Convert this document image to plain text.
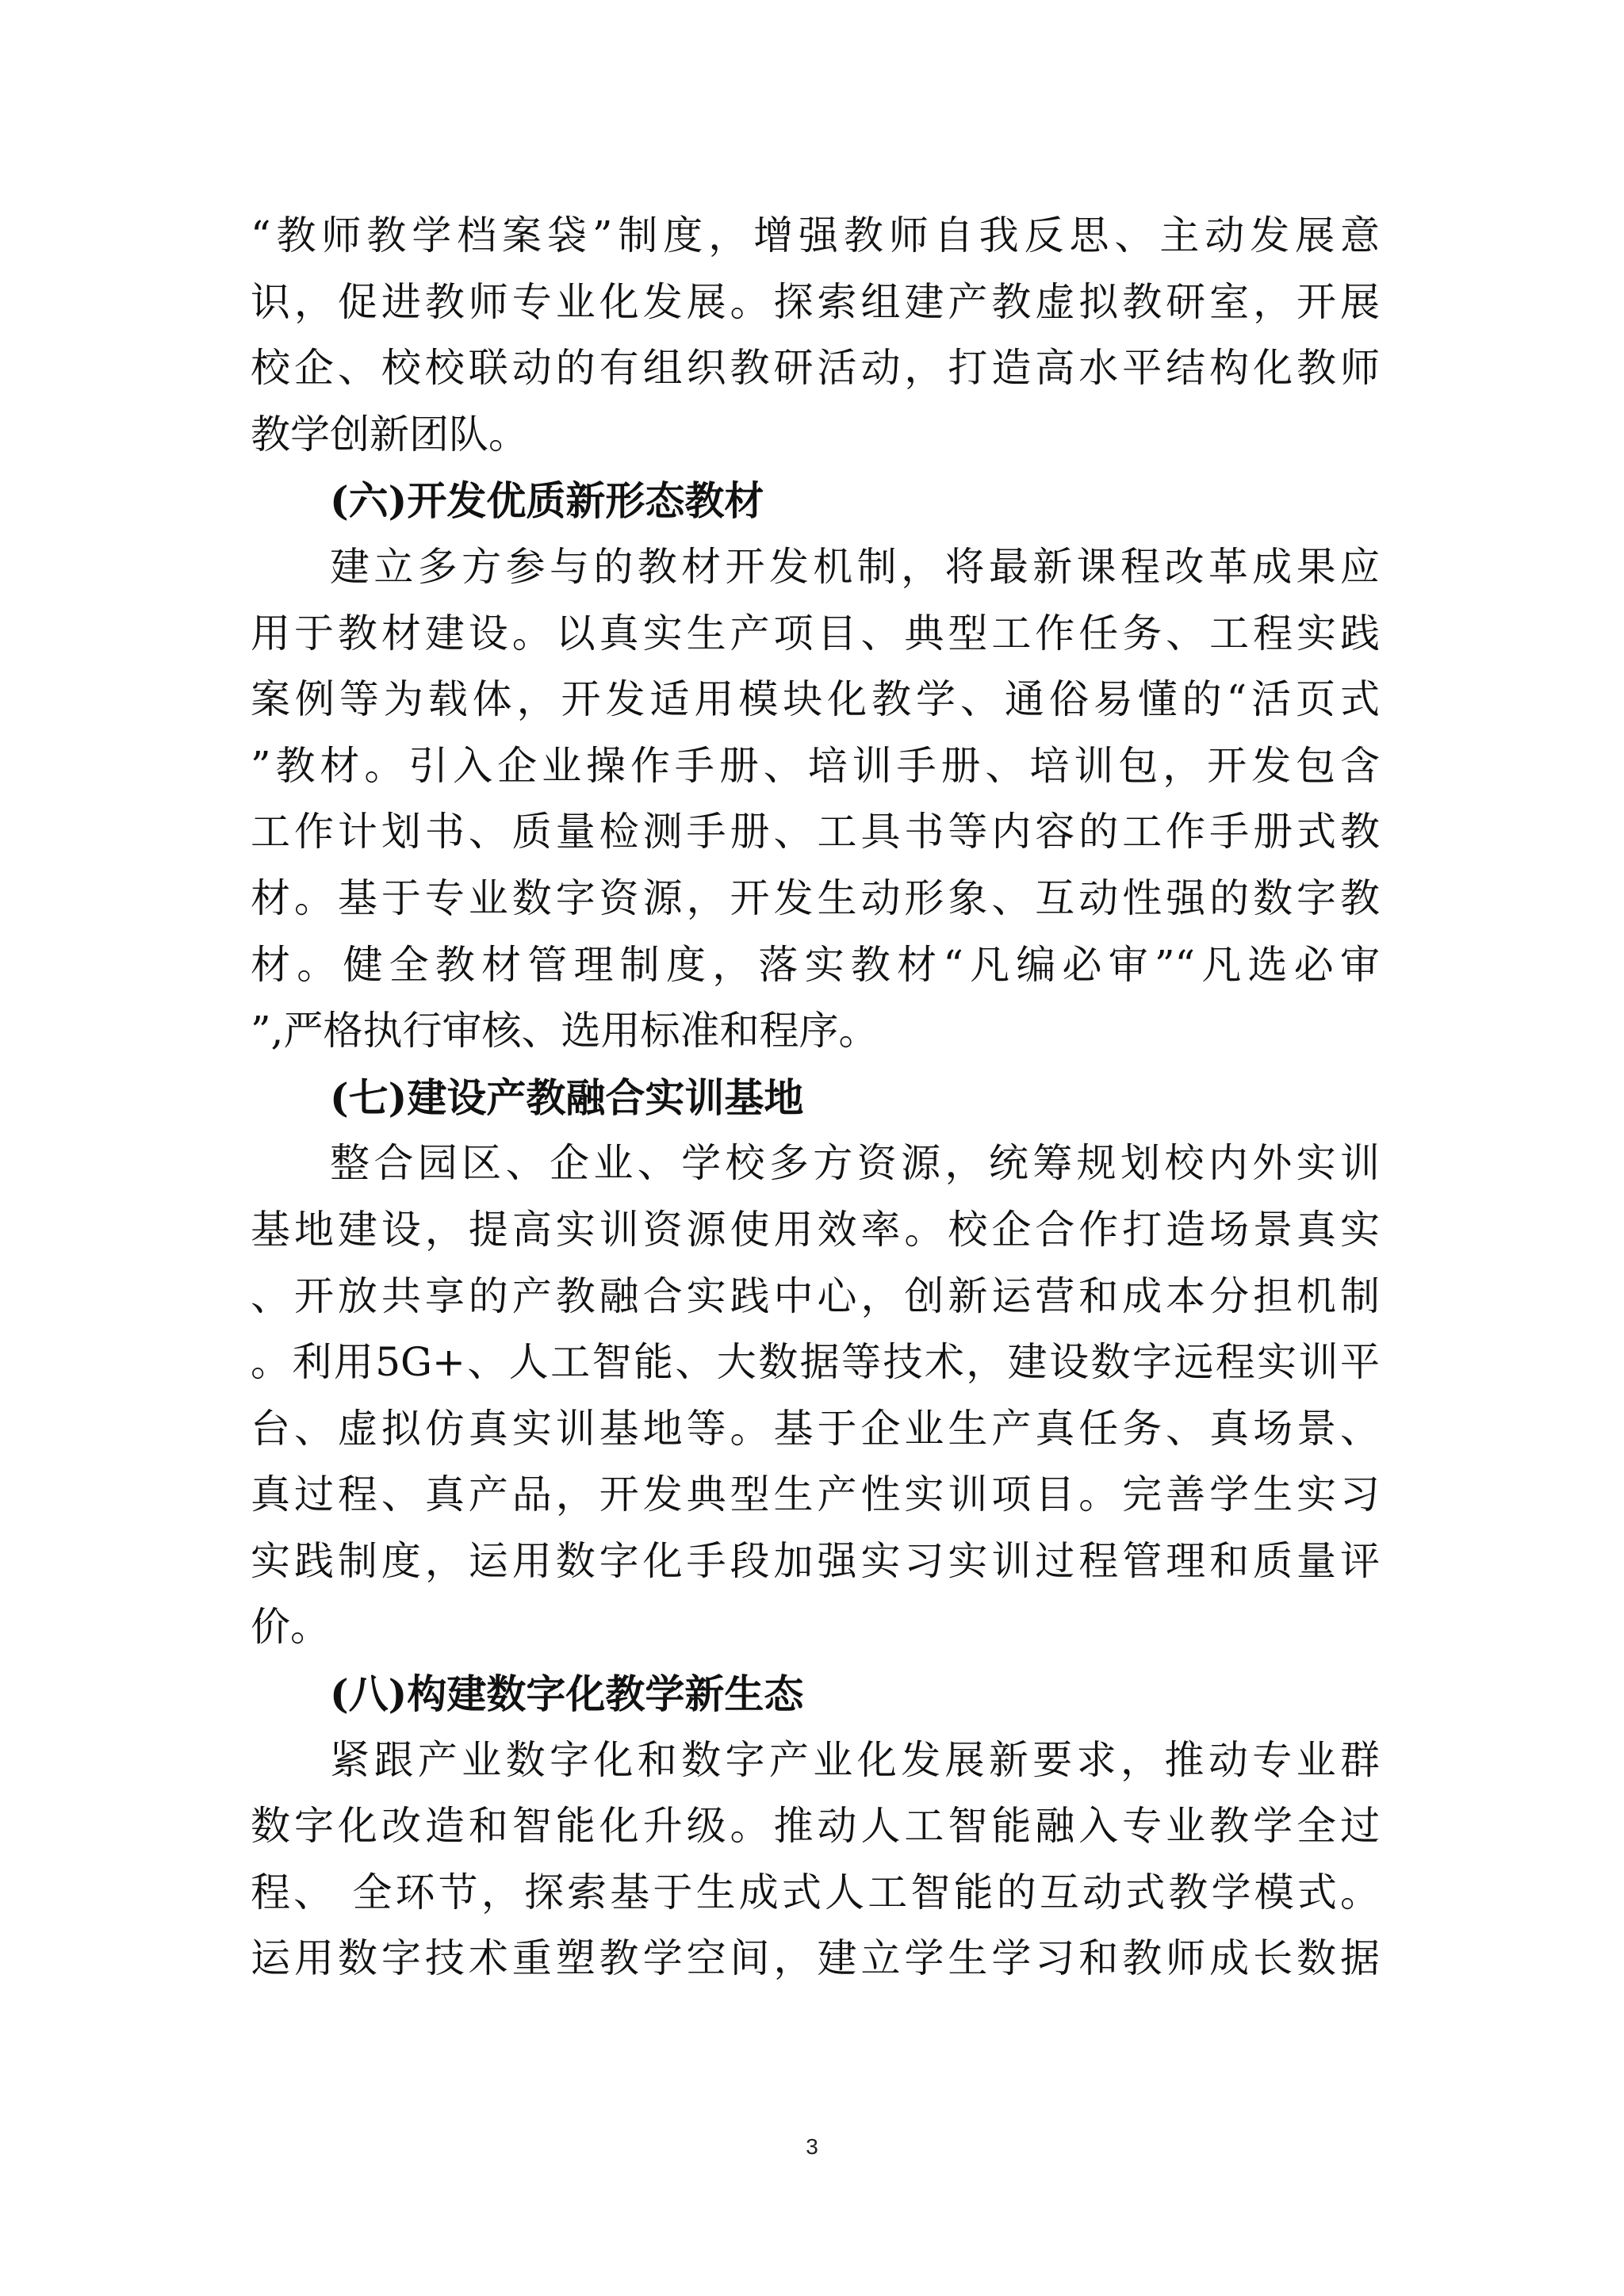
“教师教学档案袋”制度，增强教师自我反思、主动发展意
识，促进教师专业化发展。探索组建产教虚拟教研室，开展
校企、校校联动的有组织教研活动，打造高水平结构化教师
教学创新团队。
(六)开发优质新形态教材
建立多方参与的教材开发机制，将最新课程改革成果应
用于教材建设。以真实生产项目、典型工作任务、工程实践
案例等为载体，开发适用模块化教学、通俗易懂的“活页式
”教材。引入企业操作手册、培训手册、培训包，开发包含
工作计划书、质量检测手册、工具书等内容的工作手册式教
材。基于专业数字资源，开发生动形象、互动性强的数字教
材。健全教材管理制度，落实教材“凡编必审”“凡选必审
”,严格执行审核、选用标准和程序。
(七)建设产教融合实训基地
整合园区、企业、学校多方资源，统筹规划校内外实训
基地建设，提高实训资源使用效率。校企合作打造场景真实
、开放共享的产教融合实践中心，创新运营和成本分担机制
。利用5G+、人工智能、大数据等技术，建设数字远程实训平
台、虚拟仿真实训基地等。基于企业生产真任务、真场景、
真过程、真产品，开发典型生产性实训项目。完善学生实习
实践制度，运用数字化手段加强实习实训过程管理和质量评
价。
(八)构建数字化教学新生态
紧跟产业数字化和数字产业化发展新要求，推动专业群
数字化改造和智能化升级。推动人工智能融入专业教学全过
程、 全环节，探索基于生成式人工智能的互动式教学模式。
运用数字技术重塑教学空间，建立学生学习和教师成长数据
3
